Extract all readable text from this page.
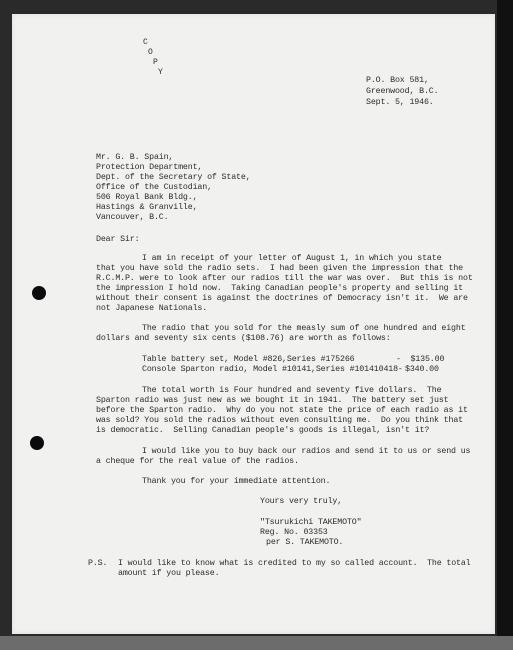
C
O
P
Y
P.O. Box 581,
Greenwood, B.C.
Sept. 5, 1946.
Mr. G. B. Spain,
Protection Department,
Dept. of the Secretary of State,
Office of the Custodian,
506 Royal Bank Bldg.,
Hastings & Granville,
Vancouver, B.C.
Dear Sir:
I am in receipt of your letter of August 1, in which you state
that you have sold the radio sets.  I had been given the impression that the
R.C.M.P. were to look after our radios till the war was over.  But this is not
the impression I hold now.  Taking Canadian people's property and selling it
without their consent is against the doctrines of Democracy isn't it.  We are
not Japanese Nationals.
The radio that you sold for the measly sum of one hundred and eight
dollars and seventy six cents ($108.76) are worth as follows:
Table battery set, Model #826,Series #175266	-  $135.00
Console Sparton radio, Model #10141,Series #101410418- $340.00
The total worth is Four hundred and seventy five dollars.  The
Sparton radio was just new as we bought it in 1941.  The battery set just
before the Sparton radio.  Why do you not state the price of each radio as it
was sold? You sold the radios without even consulting me.  Do you think that
is democratic.  Selling Canadian people's goods is illegal, isn't it?
I would like you to buy back our radios and send it to us or send us
a cheque for the real value of the radios.
Thank you for your immediate attention.
Yours very truly,
"Tsurukichi TAKEMOTO"
Reg. No. 03353
per S. TAKEMOTO.
P.S. I would like to know what is credited to my so called account.  The total
amount if you please.
